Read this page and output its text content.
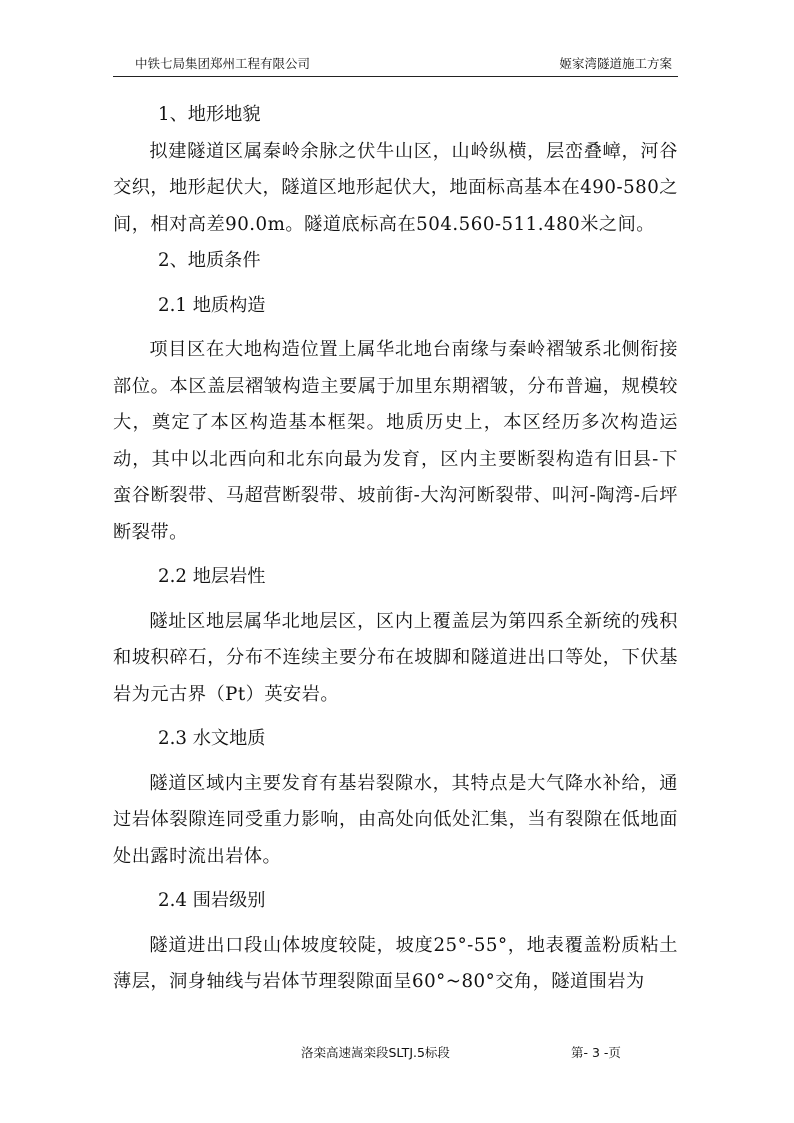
中铁七局集团郑州工程有限公司	姬家湾隧道施工方案

1、地形地貌

拟建隧道区属秦岭余脉之伏牛山区，山岭纵横，层峦叠嶂，河谷交织，地形起伏大，隧道区地形起伏大，地面标高基本在490-580之间，相对高差90.0m。隧道底标高在504.560-511.480米之间。

2、地质条件

2.1 地质构造

项目区在大地构造位置上属华北地台南缘与秦岭褶皱系北侧衔接部位。本区盖层褶皱构造主要属于加里东期褶皱，分布普遍，规模较大，奠定了本区构造基本框架。地质历史上，本区经历多次构造运动，其中以北西向和北东向最为发育，区内主要断裂构造有旧县-下蛮谷断裂带、马超营断裂带、坡前街-大沟河断裂带、叫河-陶湾-后坪断裂带。

2.2 地层岩性

隧址区地层属华北地层区，区内上覆盖层为第四系全新统的残积和坡积碎石，分布不连续主要分布在坡脚和隧道进出口等处，下伏基岩为元古界（Pt）英安岩。

2.3 水文地质

隧道区域内主要发育有基岩裂隙水，其特点是大气降水补给，通过岩体裂隙连同受重力影响，由高处向低处汇集，当有裂隙在低地面处出露时流出岩体。

2.4 围岩级别

隧道进出口段山体坡度较陡，坡度25°-55°，地表覆盖粉质粘土薄层，洞身轴线与岩体节理裂隙面呈60°~80°交角，隧道围岩为

洛栾高速嵩栾段SLTJ.5标段	第- 3 -页
